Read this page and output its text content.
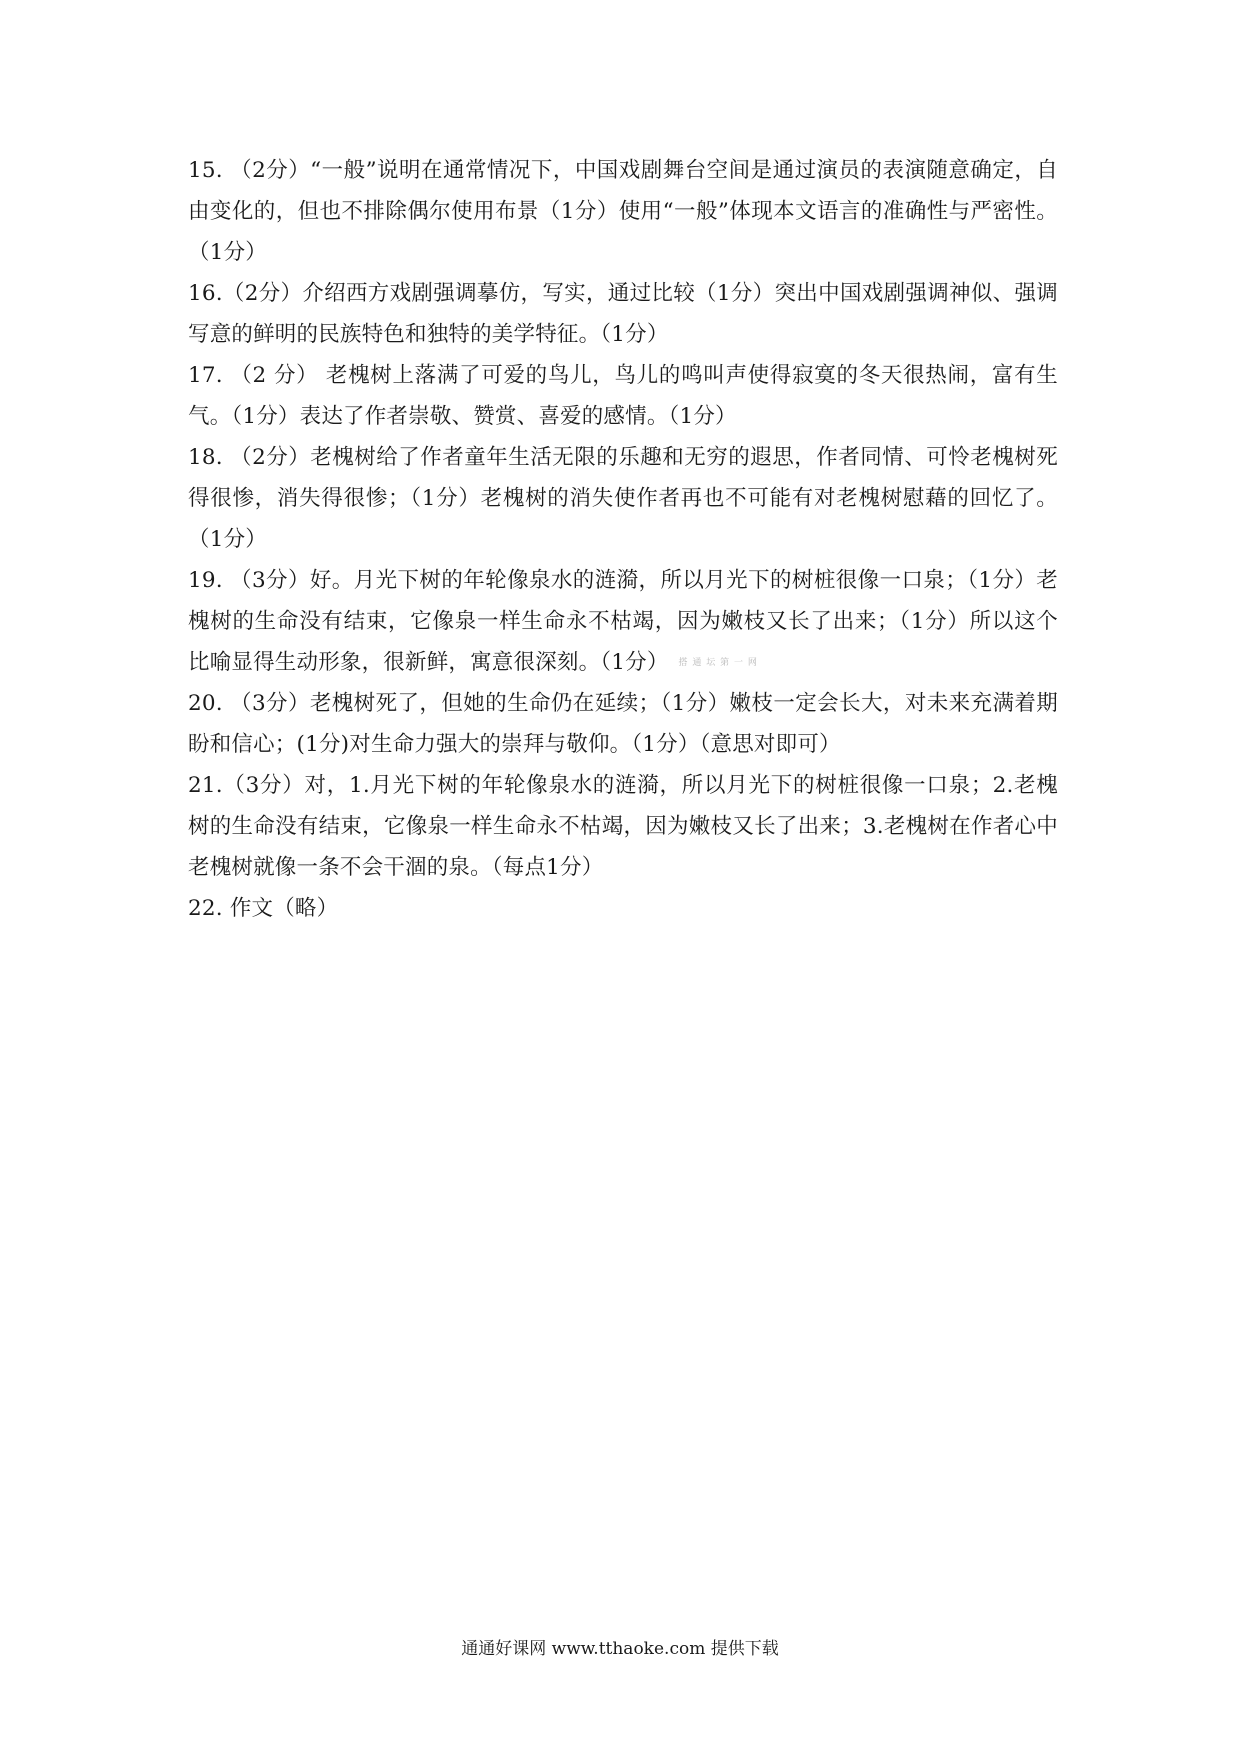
15. （2分）“一般”说明在通常情况下，中国戏剧舞台空间是通过演员的表演随意确定，自由变化的，但也不排除偶尔使用布景（1分）使用“一般”体现本文语言的准确性与严密性。（1分）

16.（2分）介绍西方戏剧强调摹仿，写实，通过比较（1分）突出中国戏剧强调神似、强调写意的鲜明的民族特色和独特的美学特征。（1分）

17. （2 分） 老槐树上落满了可爱的鸟儿，鸟儿的鸣叫声使得寂寞的冬天很热闹，富有生气。（1分）表达了作者崇敬、赞赏、喜爱的感情。（1分）

18. （2分）老槐树给了作者童年生活无限的乐趣和无穷的遐思，作者同情、可怜老槐树死得很惨，消失得很惨；（1分）老槐树的消失使作者再也不可能有对老槐树慰藉的回忆了。（1分）

19. （3分）好。月光下树的年轮像泉水的涟漪，所以月光下的树桩很像一口泉；（1分）老槐树的生命没有结束，它像泉一样生命永不枯竭，因为嫩枝又长了出来；（1分）所以这个比喻显得生动形象，很新鲜，寓意很深刻。（1分） 搭 通 坛 第 一 网

20. （3分）老槐树死了，但她的生命仍在延续；（1分）嫩枝一定会长大，对未来充满着期盼和信心；(1分)对生命力强大的崇拜与敬仰。（1分）（意思对即可）

21.（3分）对，1.月光下树的年轮像泉水的涟漪，所以月光下的树桩很像一口泉；2.老槐树的生命没有结束，它像泉一样生命永不枯竭，因为嫩枝又长了出来；3.老槐树在作者心中老槐树就像一条不会干涸的泉。（每点1分）

22. 作文（略）

通通好课网 www.tthaoke.com 提供下载
